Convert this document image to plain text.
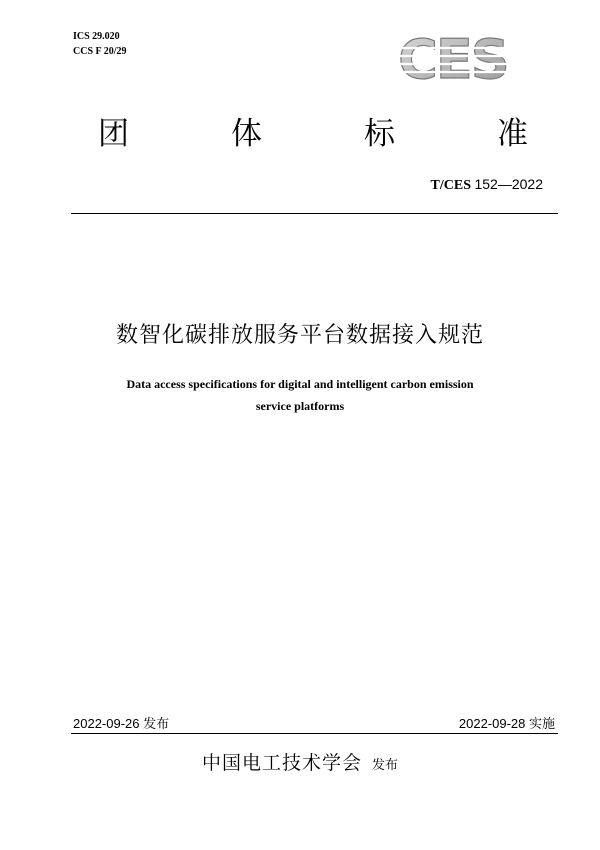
ICS 29.020
CCS F 20/29	CES
团	体	标	准
T/CES 152—2022
数智化碳排放服务平台数据接入规范
Data access specifications for digital and intelligent carbon emission
service platforms
2022-09-26 发布	2022-09-28 实施
中国电工技术学会 发布
